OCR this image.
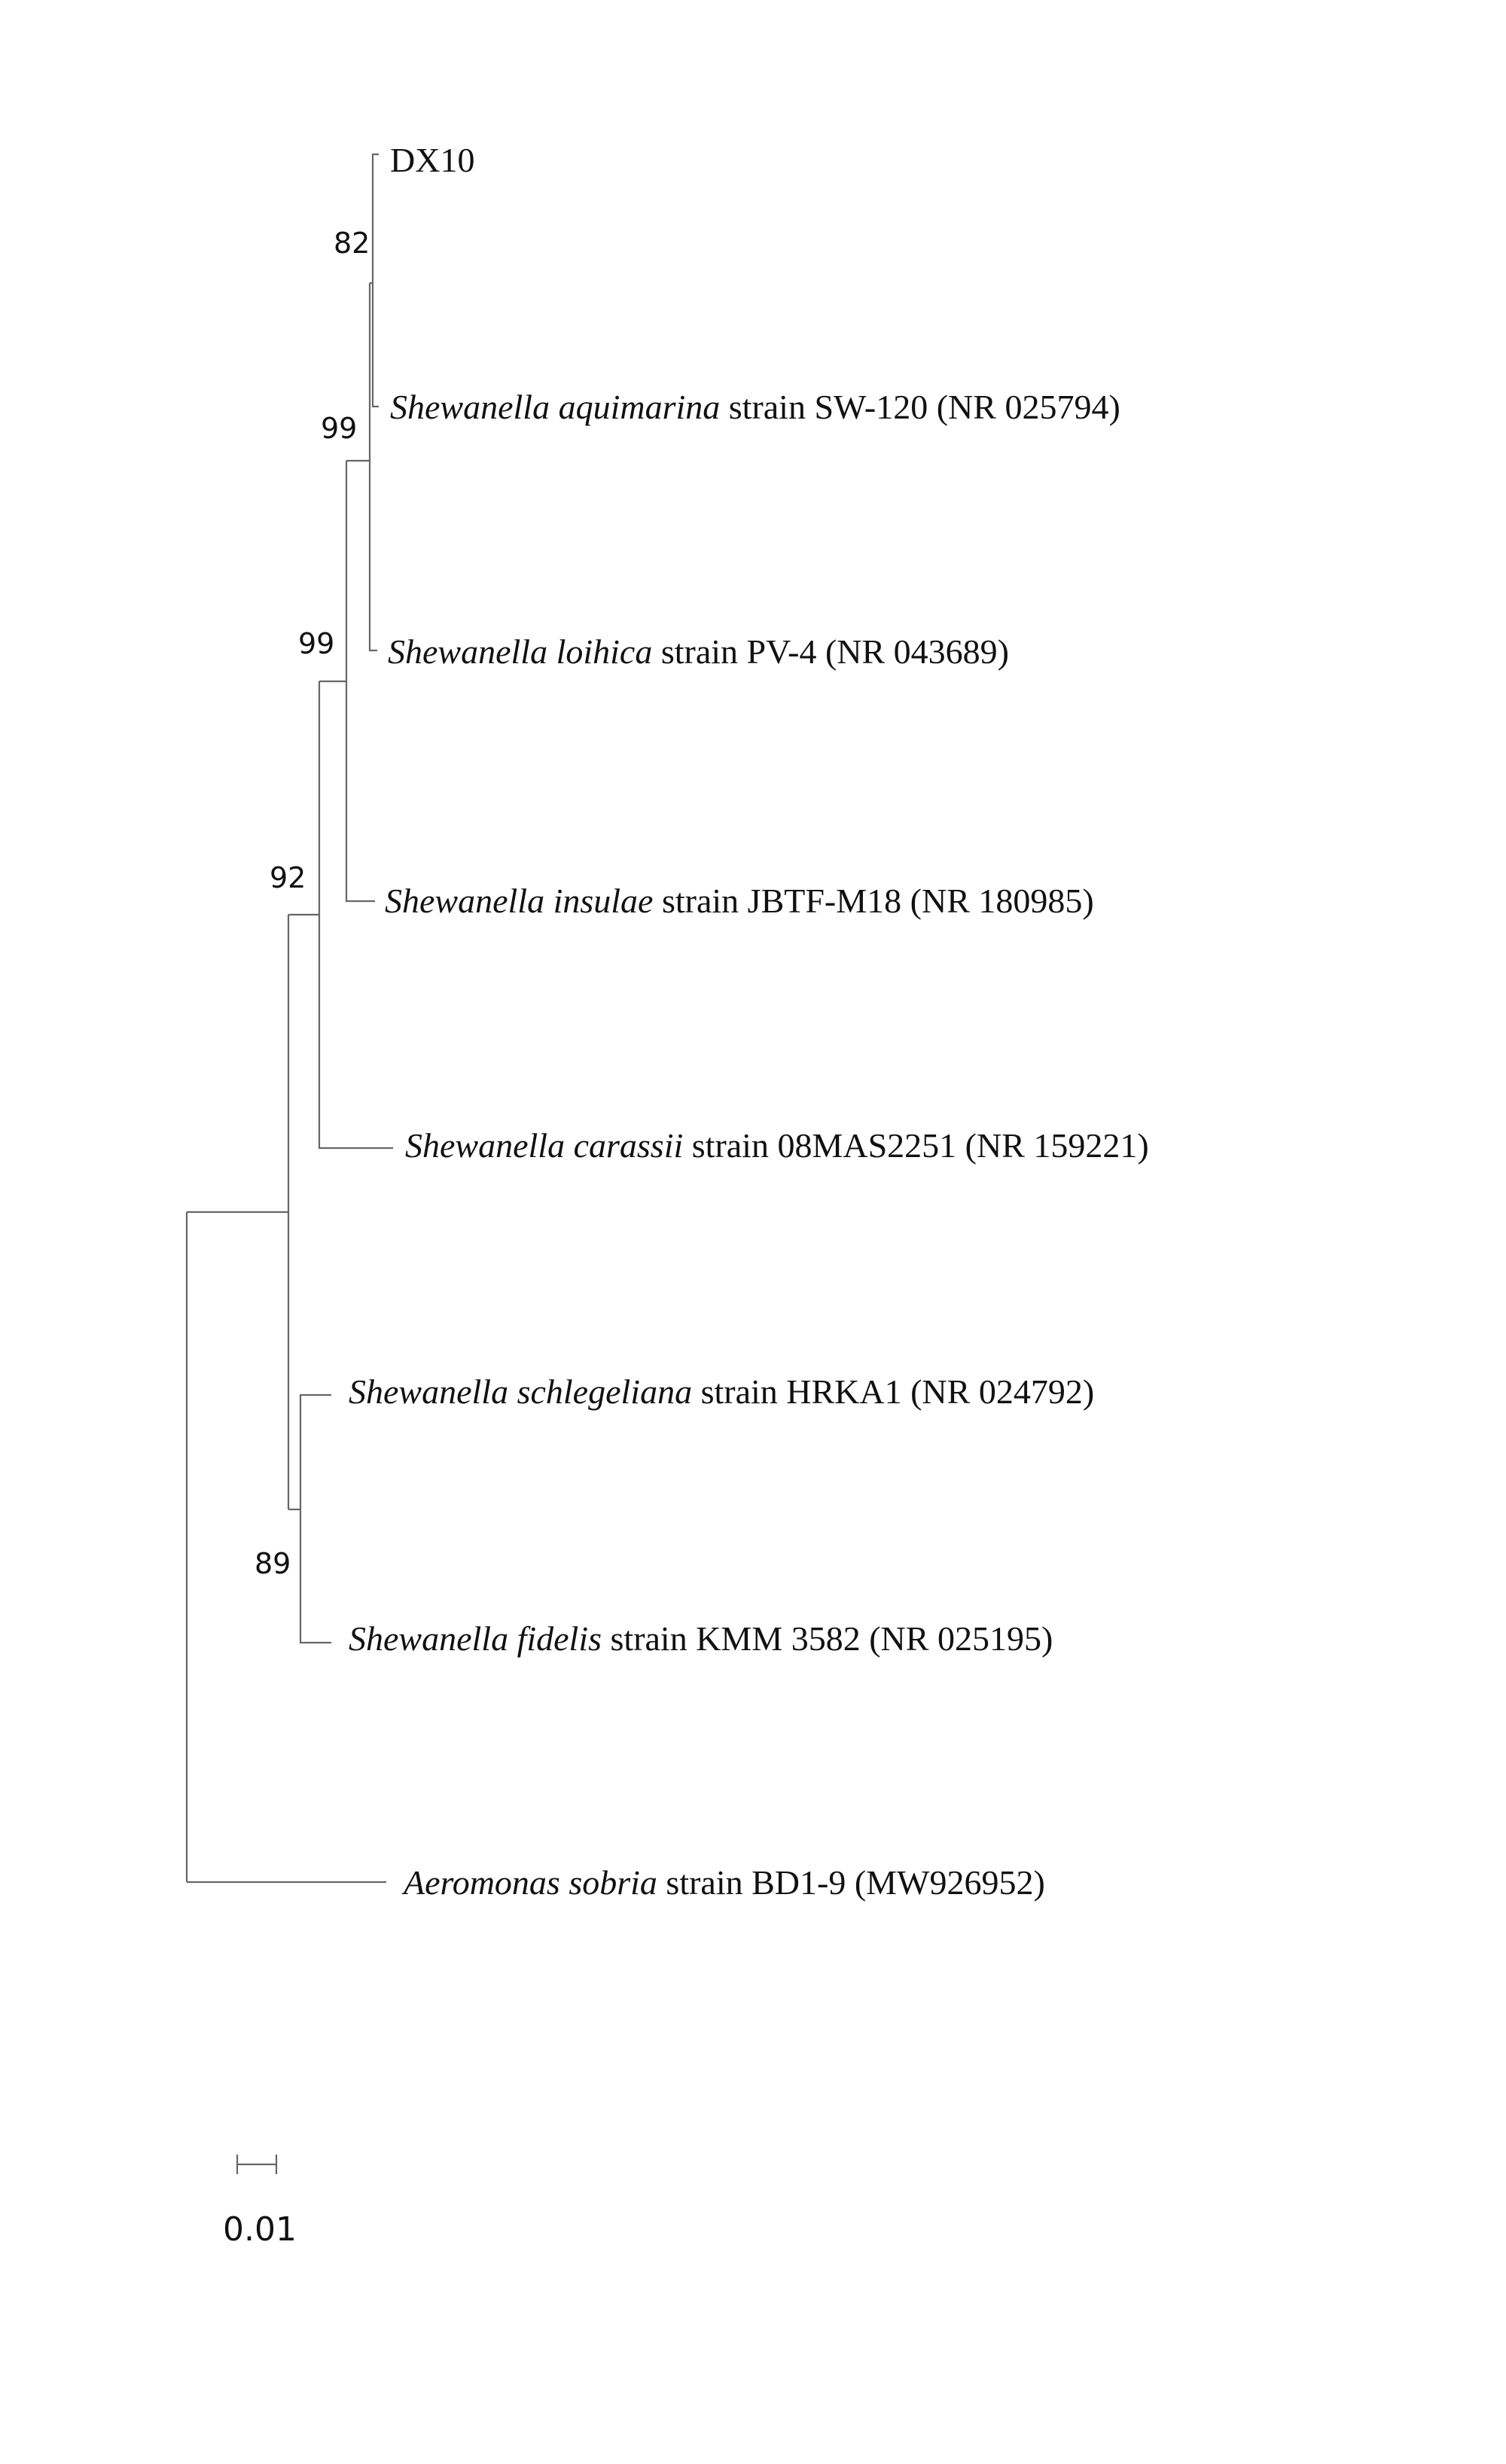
82
99
99
92
89
DX10
Shewanella aquimarina strain SW-120 (NR 025794)
Shewanella loihica strain PV-4 (NR 043689)
Shewanella insulae strain JBTF-M18 (NR 180985)
Shewanella carassii strain 08MAS2251 (NR 159221)
Shewanella schlegeliana strain HRKA1 (NR 024792)
Shewanella fidelis strain KMM 3582 (NR 025195)
Aeromonas sobria strain BD1-9 (MW926952)
0.01
